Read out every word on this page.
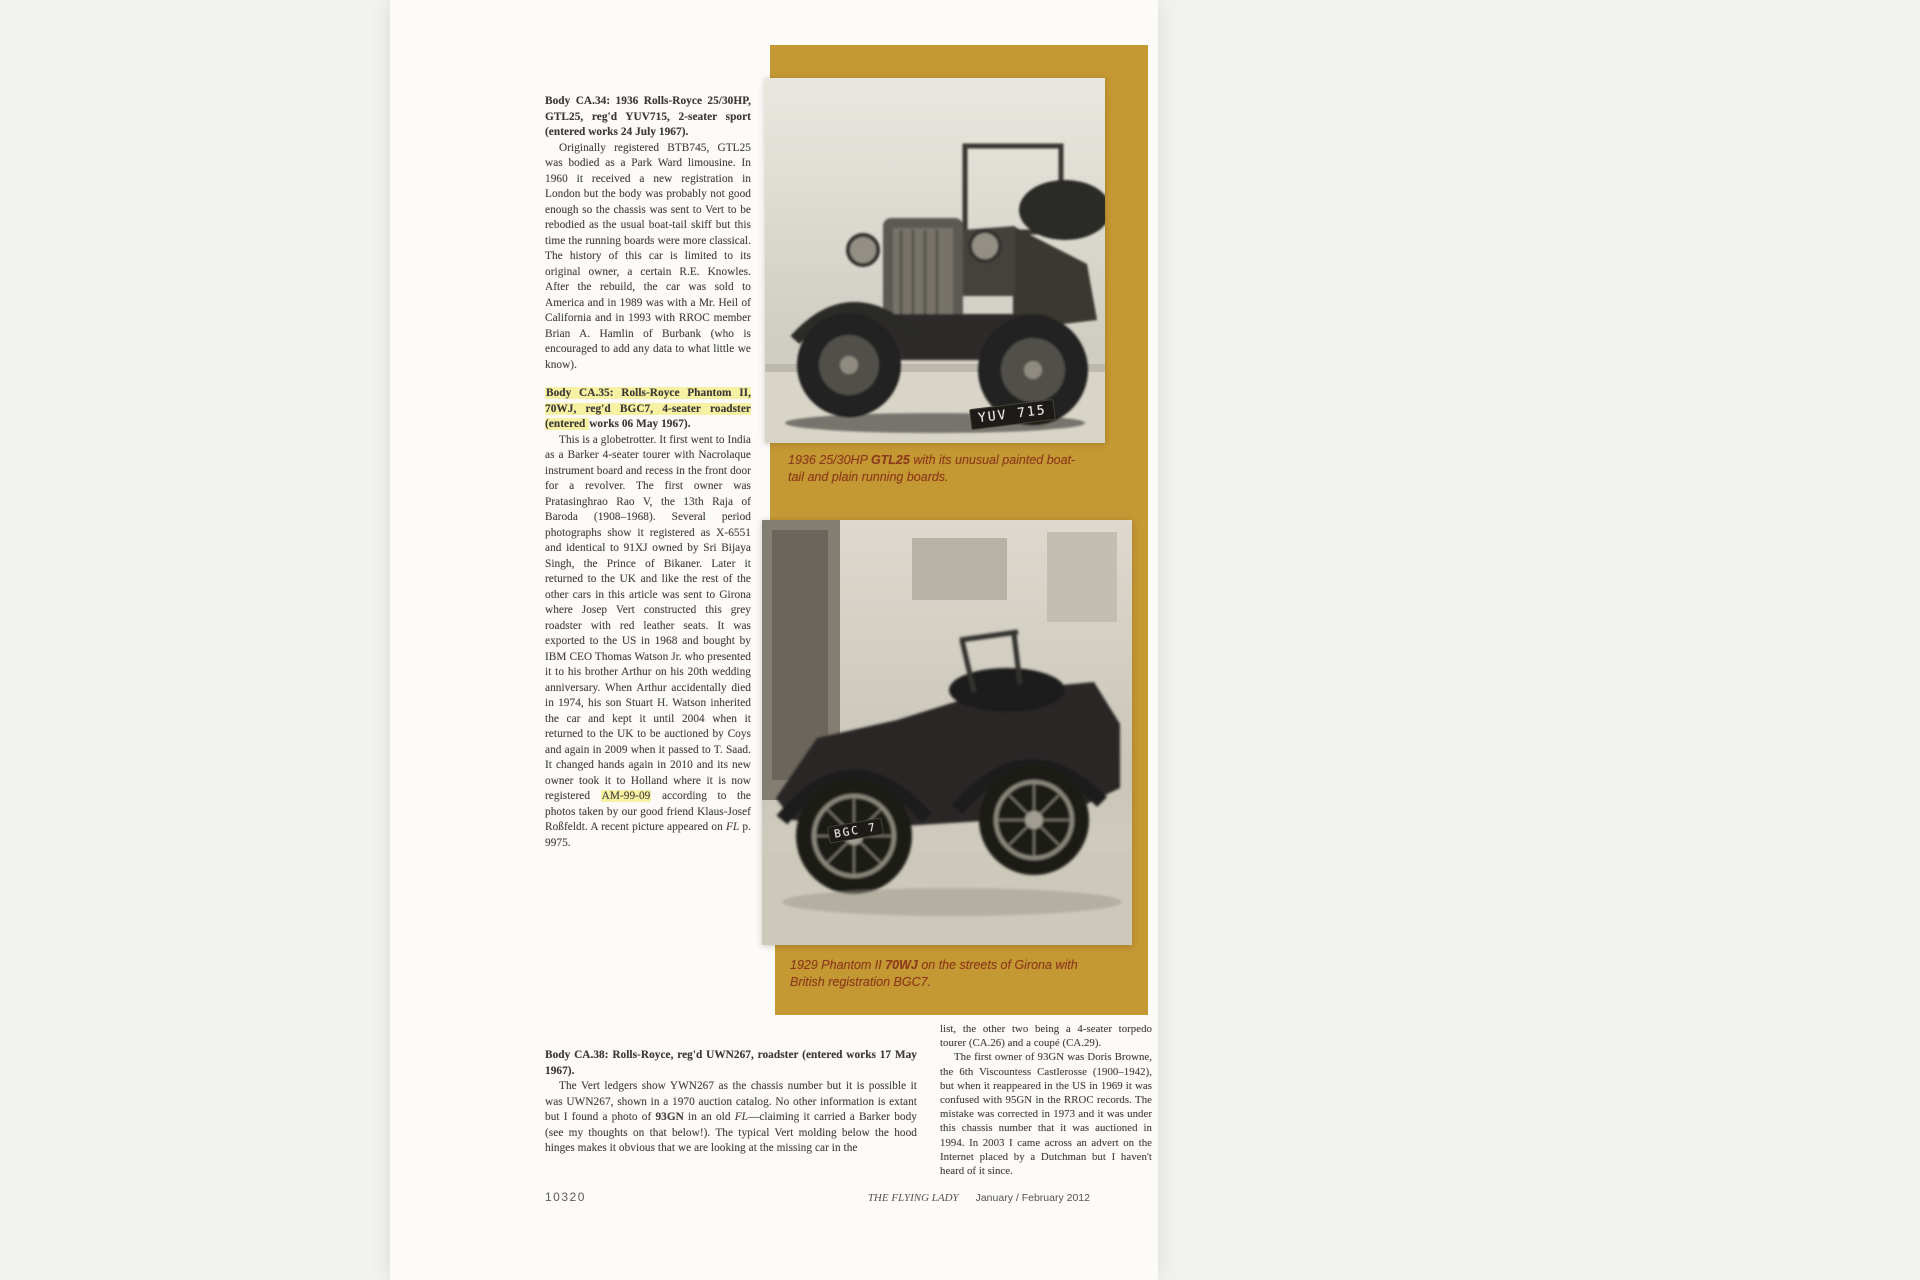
YUV 715
1936 25/30HP GTL25 with its unusual painted boat-tail and plain running boards.
BGC 7
1929 Phantom II 70WJ on the streets of Girona with British registration BGC7.

Body CA.34: 1936 Rolls-Royce 25/30HP, GTL25, reg'd YUV715, 2-seater sport (entered works 24 July 1967).

Originally registered BTB745, GTL25 was bodied as a Park Ward limousine. In 1960 it received a new registration in London but the body was probably not good enough so the chassis was sent to Vert to be rebodied as the usual boat-tail skiff but this time the running boards were more classical. The history of this car is limited to its original owner, a certain R.E. Knowles. After the rebuild, the car was sold to America and in 1989 was with a Mr. Heil of California and in 1993 with RROC member Brian A. Hamlin of Burbank (who is encouraged to add any data to what little we know).

Body CA.35: Rolls-Royce Phantom II, 70WJ, reg'd BGC7, 4-seater roadster (entered works 06 May 1967).

This is a globetrotter. It first went to India as a Barker 4-seater tourer with Nacrolaque instrument board and recess in the front door for a revolver. The first owner was Pratasinghrao Rao V, the 13th Raja of Baroda (1908–1968). Several period photographs show it registered as X-6551 and identical to 91XJ owned by Sri Bijaya Singh, the Prince of Bikaner. Later it returned to the UK and like the rest of the other cars in this article was sent to Girona where Josep Vert constructed this grey roadster with red leather seats. It was exported to the US in 1968 and bought by IBM CEO Thomas Watson Jr. who presented it to his brother Arthur on his 20th wedding anniversary. When Arthur accidentally died in 1974, his son Stuart H. Watson inherited the car and kept it until 2004 when it returned to the UK to be auctioned by Coys and again in 2009 when it passed to T. Saad. It changed hands again in 2010 and its new owner took it to Holland where it is now registered AM-99-09 according to the photos taken by our good friend Klaus-Josef Roßfeldt. A recent picture appeared on FL p. 9975.

Body CA.38: Rolls-Royce, reg'd UWN267, roadster (entered works 17 May 1967).

The Vert ledgers show YWN267 as the chassis number but it is possible it was UWN267, shown in a 1970 auction catalog. No other information is extant but I found a photo of 93GN in an old FL—claiming it carried a Barker body (see my thoughts on that below!). The typical Vert molding below the hood hinges makes it obvious that we are looking at the missing car in the

list, the other two being a 4-seater torpedo tourer (CA.26) and a coupé (CA.29).

The first owner of 93GN was Doris Browne, the 6th Viscountess Castlerosse (1900–1942), but when it reappeared in the US in 1969 it was confused with 95GN in the RROC records. The mistake was corrected in 1973 and it was under this chassis number that it was auctioned in 1994. In 2003 I came across an advert on the Internet placed by a Dutchman but I haven't heard of it since.

10320	THE FLYING LADY January / February 2012
